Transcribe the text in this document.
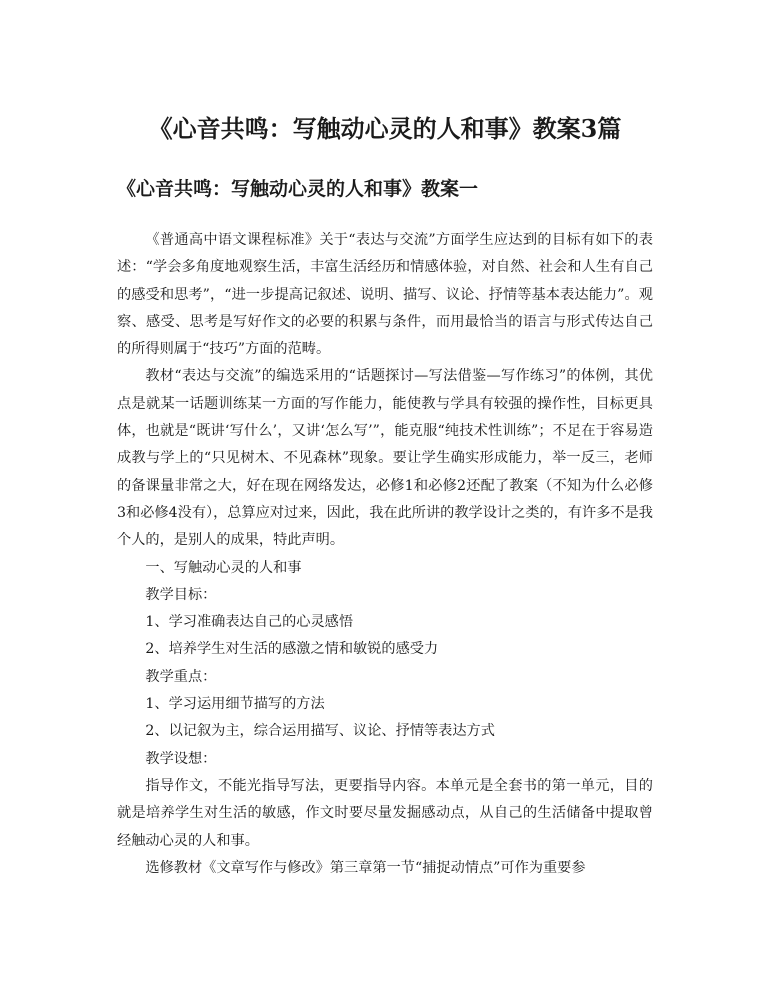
《心音共鸣：写触动心灵的人和事》教案3篇
《心音共鸣：写触动心灵的人和事》教案一

《普通高中语文课程标准》关于“表达与交流”方面学生应达到的目标有如下的表述：“学会多角度地观察生活，丰富生活经历和情感体验，对自然、社会和人生有自己的感受和思考”，“进一步提高记叙述、说明、描写、议论、抒情等基本表达能力”。观察、感受、思考是写好作文的必要的积累与条件，而用最恰当的语言与形式传达自己的所得则属于“技巧”方面的范畴。

教材“表达与交流”的编选采用的“话题探讨—写法借鉴—写作练习”的体例，其优点是就某一话题训练某一方面的写作能力，能使教与学具有较强的操作性，目标更具体，也就是“既讲‘写什么’，又讲‘怎么写’”，能克服“纯技术性训练”；不足在于容易造成教与学上的“只见树木、不见森林”现象。要让学生确实形成能力，举一反三，老师的备课量非常之大，好在现在网络发达，必修1和必修2还配了教案（不知为什么必修3和必修4没有），总算应对过来，因此，我在此所讲的教学设计之类的，有许多不是我个人的，是别人的成果，特此声明。

一、写触动心灵的人和事

教学目标：

1、学习准确表达自己的心灵感悟

2、培养学生对生活的感激之情和敏锐的感受力

教学重点：

1、学习运用细节描写的方法

2、以记叙为主，综合运用描写、议论、抒情等表达方式

教学设想：

指导作文，不能光指导写法，更要指导内容。本单元是全套书的第一单元，目的就是培养学生对生活的敏感，作文时要尽量发掘感动点，从自己的生活储备中提取曾经触动心灵的人和事。

选修教材《文章写作与修改》第三章第一节“捕捉动情点”可作为重要参
